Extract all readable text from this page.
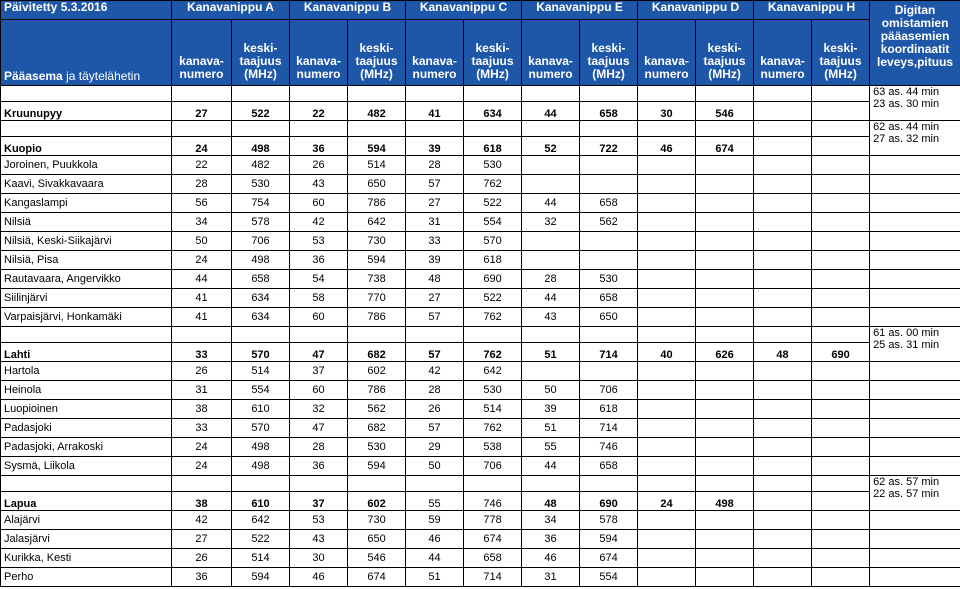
Päivitetty 5.3.2016	Kanavanippu A		Kanavanippu B		Kanavanippu C		Kanavanippu E		Kanavanippu D		Kanavanippu H		Digitan
omistamien
pääasemien
koordinaatit
leveys,pituus

Pääasema ja täytelähetin	kanava-
numero	keski-
taajuus
(MHz)	kanava-
numero	keski-
taajuus
(MHz)	kanava-
numero	keski-
taajuus
(MHz)	kanava-
numero	keski-
taajuus
(MHz)	kanava-
numero	keski-
taajuus
(MHz)	kanava-
numero	keski-
taajuus
(MHz)	

													63 as. 44 min
23 as. 30 min

Kruunupyy	27	522	22	482	41	634	44	658	30	546			

													62 as. 44 min
27 as. 32 min

Kuopio	24	498	36	594	39	618	52	722	46	674			
Joroinen, Puukkola	22	482	26	514	28	530							
Kaavi, Sivakkavaara	28	530	43	650	57	762							
Kangaslampi	56	754	60	786	27	522	44	658					
Nilsiä	34	578	42	642	31	554	32	562					
Nilsiä, Keski-Siikajärvi	50	706	53	730	33	570							
Nilsiä, Pisa	24	498	36	594	39	618							
Rautavaara, Angervikko	44	658	54	738	48	690	28	530					
Siilinjärvi	41	634	58	770	27	522	44	658					
Varpaisjärvi, Honkamäki	41	634	60	786	57	762	43	650					

													61 as. 00 min
25 as. 31 min

Lahti	33	570	47	682	57	762	51	714	40	626	48	690	
Hartola	26	514	37	602	42	642							
Heinola	31	554	60	786	28	530	50	706					
Luopioinen	38	610	32	562	26	514	39	618					
Padasjoki	33	570	47	682	57	762	51	714					
Padasjoki, Arrakoski	24	498	28	530	29	538	55	746					
Sysmä, Liikola	24	498	36	594	50	706	44	658					

													62 as. 57 min
22 as. 57 min

Lapua	38	610	37	602	55	746	48	690	24	498			
Alajärvi	42	642	53	730	59	778	34	578					
Jalasjärvi	27	522	43	650	46	674	36	594					
Kurikka, Kesti	26	514	30	546	44	658	46	674					
Perho	36	594	46	674	51	714	31	554					
